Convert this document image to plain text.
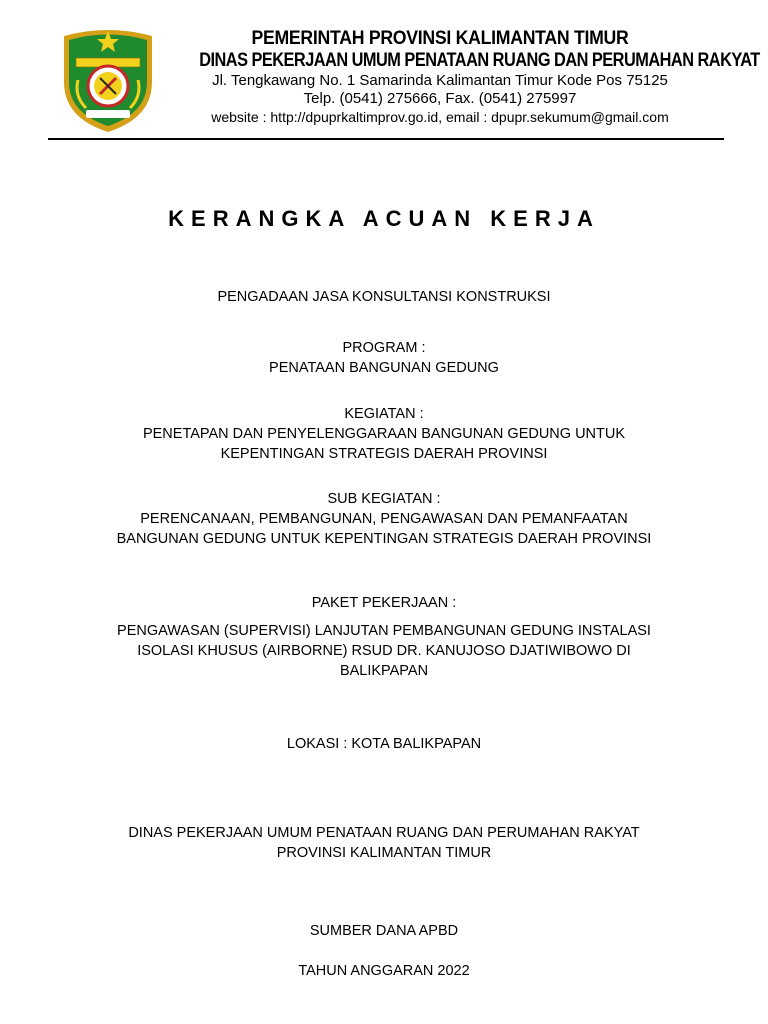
PEMERINTAH PROVINSI KALIMANTAN TIMUR
DINAS PEKERJAAN UMUM PENATAAN RUANG DAN PERUMAHAN RAKYAT
Jl. Tengkawang No. 1 Samarinda Kalimantan Timur Kode Pos 75125
Telp. (0541) 275666, Fax. (0541) 275997
website : http://dpuprkaltimprov.go.id, email : dpupr.sekumum@gmail.com
KERANGKA ACUAN KERJA

PENGADAAN JASA KONSULTANSI KONSTRUKSI

PROGRAM :

PENATAAN BANGUNAN GEDUNG

KEGIATAN :

PENETAPAN DAN PENYELENGGARAAN BANGUNAN GEDUNG UNTUK

KEPENTINGAN STRATEGIS DAERAH PROVINSI

SUB KEGIATAN :

PERENCANAAN, PEMBANGUNAN, PENGAWASAN DAN PEMANFAATAN

BANGUNAN GEDUNG UNTUK KEPENTINGAN STRATEGIS DAERAH PROVINSI

PAKET PEKERJAAN :

PENGAWASAN (SUPERVISI) LANJUTAN PEMBANGUNAN GEDUNG INSTALASI

ISOLASI KHUSUS (AIRBORNE) RSUD DR. KANUJOSO DJATIWIBOWO DI

BALIKPAPAN

LOKASI : KOTA BALIKPAPAN

DINAS PEKERJAAN UMUM PENATAAN RUANG DAN PERUMAHAN RAKYAT

PROVINSI KALIMANTAN TIMUR

SUMBER DANA APBD

TAHUN ANGGARAN 2022
